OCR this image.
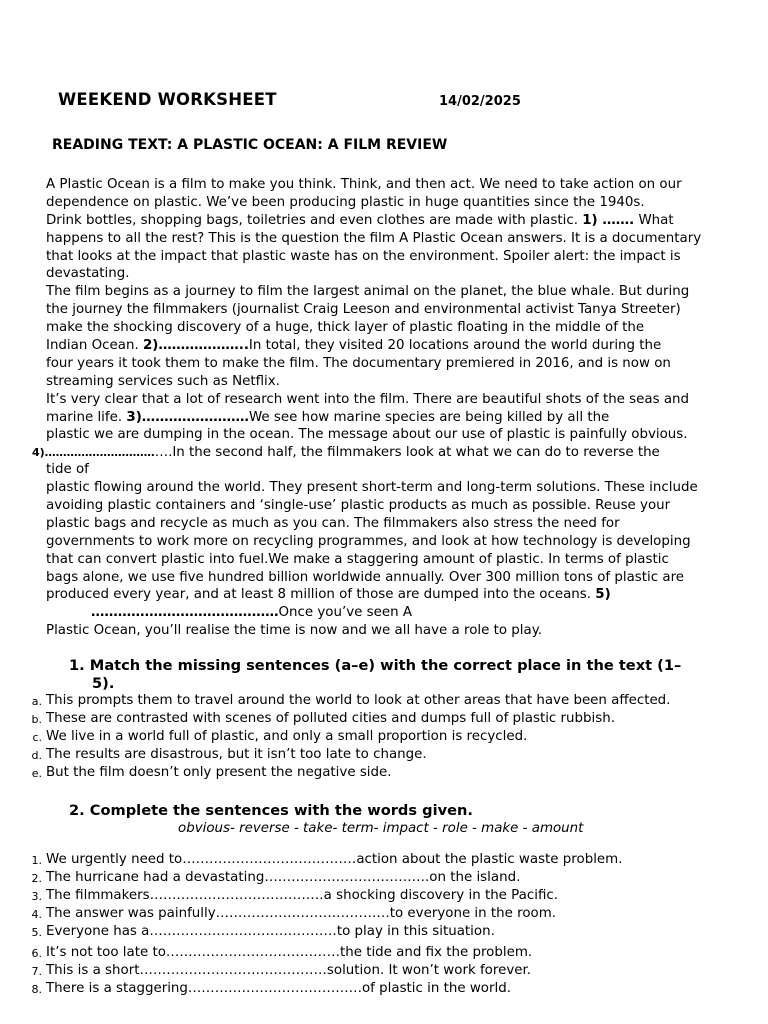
WEEKEND WORKSHEET	14/02/2025
READING TEXT: A PLASTIC OCEAN: A FILM REVIEW
A Plastic Ocean is a film to make you think. Think, and then act. We need to take action on our
dependence on plastic. We’ve been producing plastic in huge quantities since the 1940s.
Drink bottles, shopping bags, toiletries and even clothes are made with plastic. 1) ……. What
happens to all the rest? This is the question the film A Plastic Ocean answers. It is a documentary
that looks at the impact that plastic waste has on the environment. Spoiler alert: the impact is
devastating.
The film begins as a journey to film the largest animal on the planet, the blue whale. But during
the journey the filmmakers (journalist Craig Leeson and environmental activist Tanya Streeter)
make the shocking discovery of a huge, thick layer of plastic floating in the middle of the
Indian Ocean. 2)………………..In total, they visited 20 locations around the world during the
four years it took them to make the film. The documentary premiered in 2016, and is now on
streaming services such as Netflix.
It’s very clear that a lot of research went into the film. There are beautiful shots of the seas and
marine life. 3)……………………We see how marine species are being killed by all the
plastic we are dumping in the ocean. The message about our use of plastic is painfully obvious.
4)…………………………….In the second half, the filmmakers look at what we can do to reverse the
tide of
plastic flowing around the world. They present short-term and long-term solutions. These include
avoiding plastic containers and ‘single-use’ plastic products as much as possible. Reuse your
plastic bags and recycle as much as you can. The filmmakers also stress the need for
governments to work more on recycling programmes, and look at how technology is developing
that can convert plastic into fuel.We make a staggering amount of plastic. In terms of plastic
bags alone, we use five hundred billion worldwide annually. Over 300 million tons of plastic are
produced every year, and at least 8 million of those are dumped into the oceans. 5)
……………………………………Once you’ve seen A
Plastic Ocean, you’ll realise the time is now and we all have a role to play.
1. Match the missing sentences (a–e) with the correct place in the text (1–
5).
a. This prompts them to travel around the world to look at other areas that have been affected.
b. These are contrasted with scenes of polluted cities and dumps full of plastic rubbish.
c. We live in a world full of plastic, and only a small proportion is recycled.
d. The results are disastrous, but it isn’t too late to change.
e. But the film doesn’t only present the negative side.
2. Complete the sentences with the words given.
obvious- reverse - take- term- impact - role - make - amount
1. We urgently need to…………………………………action about the plastic waste problem.
2. The hurricane had a devastating……………………………….on the island.
3. The filmmakers…………………………………a shocking discovery in the Pacific.
4. The answer was painfully…………………………………to everyone in the room.
5. Everyone has a……………………………………to play in this situation.
6. It’s not too late to…………………………………the tide and fix the problem.
7. This is a short……………………………………solution. It won’t work forever.
8. There is a staggering…………………………………of plastic in the world.
